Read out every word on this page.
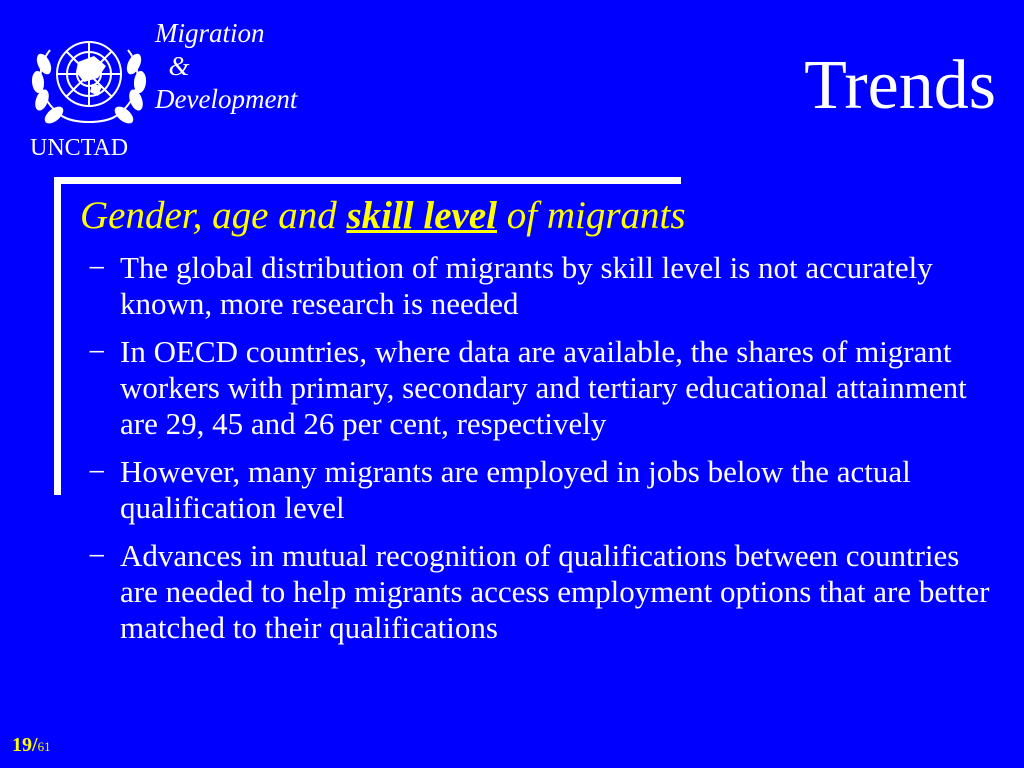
UNCTAD
Migration
&
Development	Trends
Gender, age and skill level of migrants
− The global distribution of migrants by skill level is not accurately known, more research is needed
− In OECD countries, where data are available, the shares of migrant workers with primary, secondary and tertiary educational attainment are 29, 45 and 26 per cent, respectively
− However, many migrants are employed in jobs below the actual qualification level
− Advances in mutual recognition of qualifications between countries are needed to help migrants access employment options that are better matched to their qualifications
19/61
